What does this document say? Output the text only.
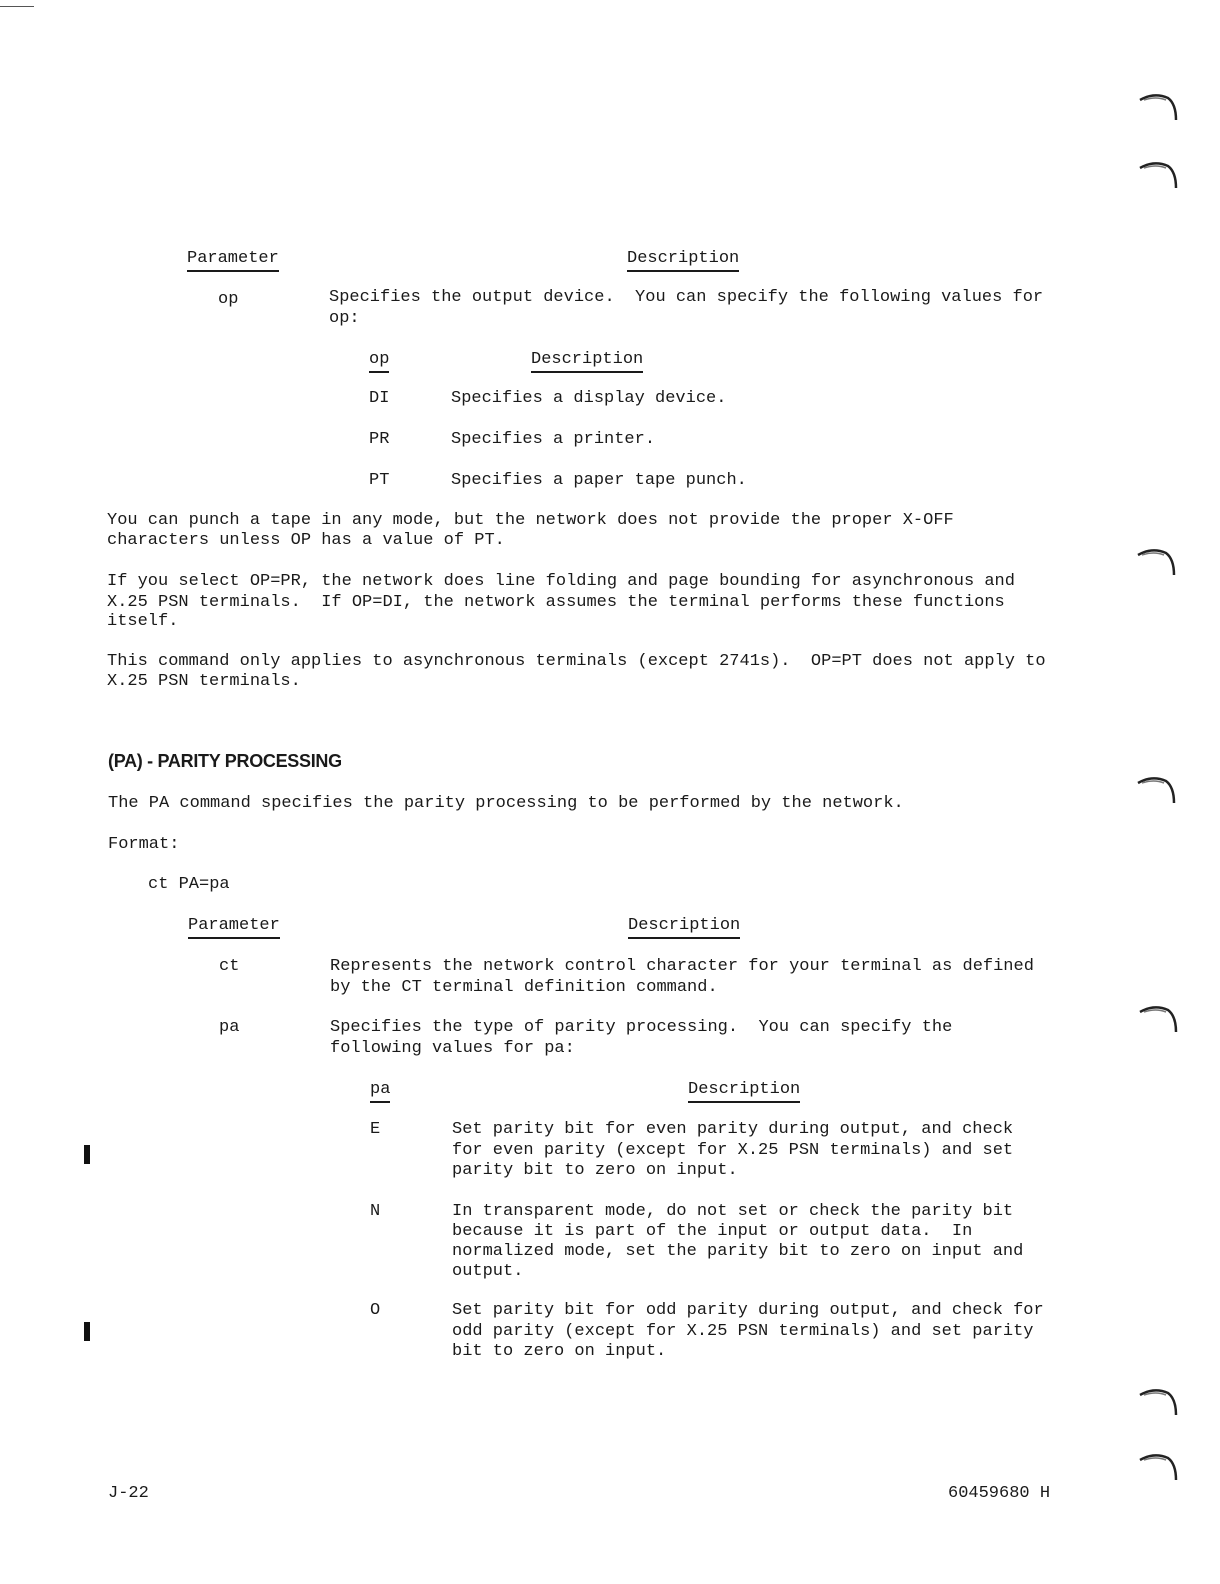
Parameter	Description
op	Specifies the output device.  You can specify the following values for
op:
op	Description
DI	Specifies a display device.
PR	Specifies a printer.
PT	Specifies a paper tape punch.
You can punch a tape in any mode, but the network does not provide the proper X-OFF
characters unless OP has a value of PT.
If you select OP=PR, the network does line folding and page bounding for asynchronous and
X.25 PSN terminals.  If OP=DI, the network assumes the terminal performs these functions
itself.
This command only applies to asynchronous terminals (except 2741s).  OP=PT does not apply to
X.25 PSN terminals.
(PA) - PARITY PROCESSING
The PA command specifies the parity processing to be performed by the network.
Format:
ct PA=pa
Parameter	Description
ct	Represents the network control character for your terminal as defined
by the CT terminal definition command.
pa	Specifies the type of parity processing.  You can specify the
following values for pa:
pa	Description
E	Set parity bit for even parity during output, and check
for even parity (except for X.25 PSN terminals) and set
parity bit to zero on input.
N	In transparent mode, do not set or check the parity bit
because it is part of the input or output data.  In
normalized mode, set the parity bit to zero on input and
output.
O	Set parity bit for odd parity during output, and check for
odd parity (except for X.25 PSN terminals) and set parity
bit to zero on input.
J-22	60459680 H
